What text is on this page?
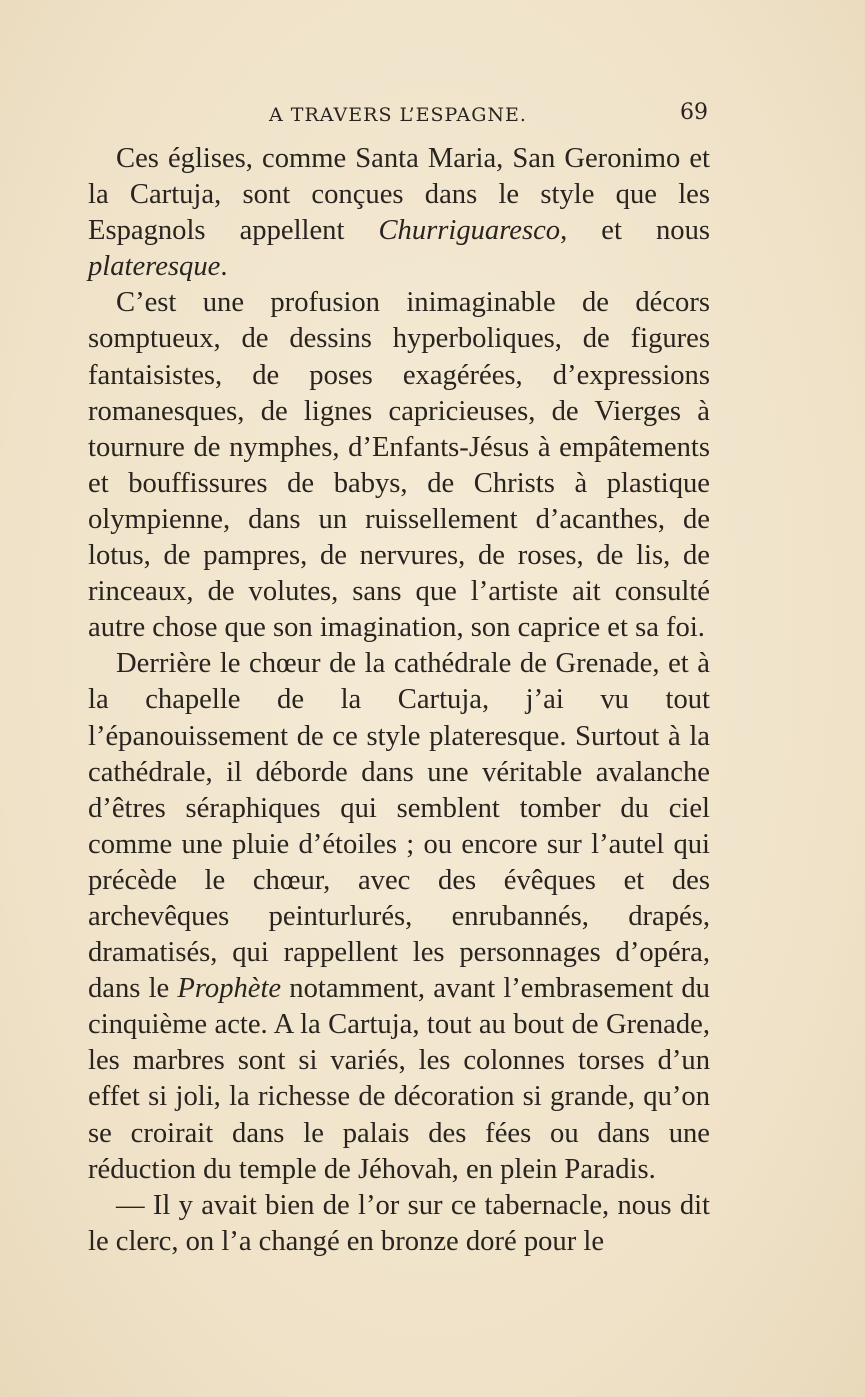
A TRAVERS L’ESPAGNE.	69

Ces églises, comme Santa Maria, San Geronimo et la Cartuja, sont conçues dans le style que les Espagnols appellent Churriguaresco, et nous plateresque.

C’est une profusion inimaginable de décors somptueux, de dessins hyperboliques, de figures fantaisistes, de poses exagérées, d’expressions romanesques, de lignes capricieuses, de Vierges à tournure de nymphes, d’Enfants-Jésus à empâtements et bouffissures de babys, de Christs à plastique olympienne, dans un ruissellement d’acanthes, de lotus, de pampres, de nervures, de roses, de lis, de rinceaux, de volutes, sans que l’artiste ait consulté autre chose que son imagination, son caprice et sa foi.

Derrière le chœur de la cathédrale de Grenade, et à la chapelle de la Cartuja, j’ai vu tout l’épanouissement de ce style plateresque. Surtout à la cathédrale, il déborde dans une véritable avalanche d’êtres séraphiques qui semblent tomber du ciel comme une pluie d’étoiles ; ou encore sur l’autel qui précède le chœur, avec des évêques et des archevêques peinturlurés, enrubannés, drapés, dramatisés, qui rappellent les personnages d’opéra, dans le Prophète notamment, avant l’embrasement du cinquième acte. A la Cartuja, tout au bout de Grenade, les marbres sont si variés, les colonnes torses d’un effet si joli, la richesse de décoration si grande, qu’on se croirait dans le palais des fées ou dans une réduction du temple de Jéhovah, en plein Paradis.

— Il y avait bien de l’or sur ce tabernacle, nous dit le clerc, on l’a changé en bronze doré pour le
